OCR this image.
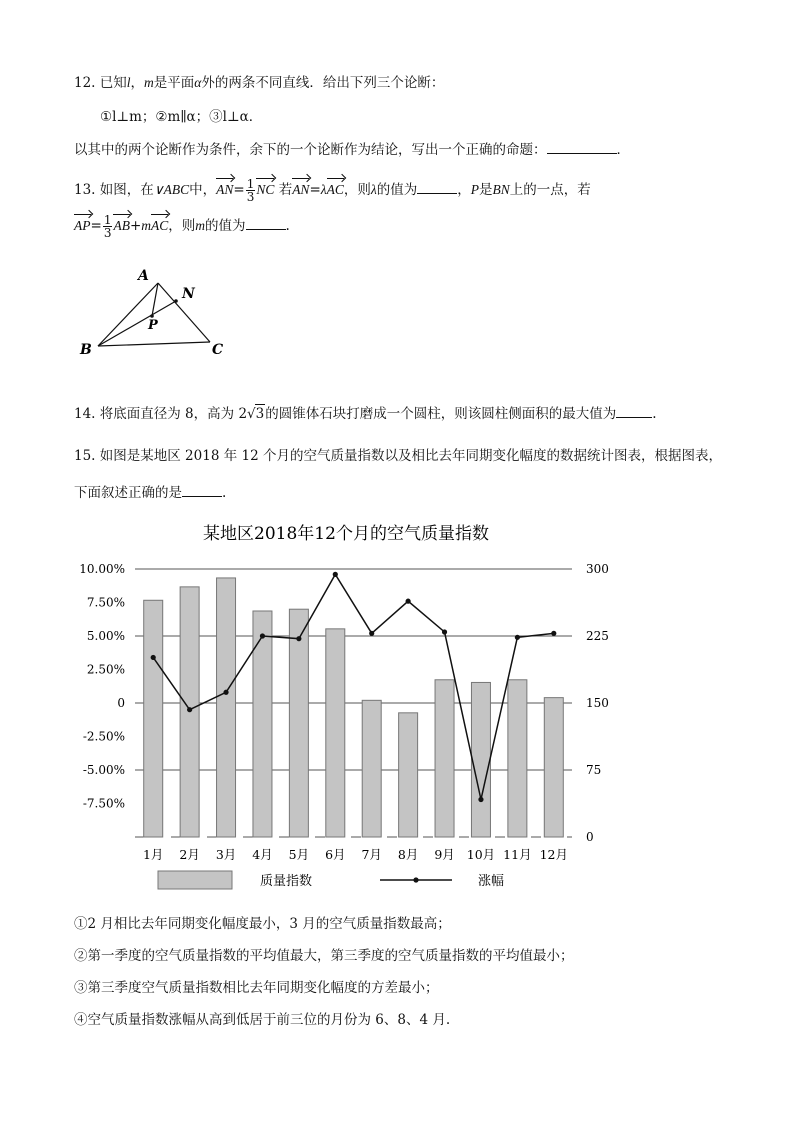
12. 已知l，m是平面α外的两条不同直线．给出下列三个论断：
①l⊥m；②m∥α；③l⊥α．
以其中的两个论断作为条件，余下的一个论断作为结论，写出一个正确的命题：	．
13. 如图，在∨ABC中，$AN= \frac{1}{3}$ NC 若AN=λAC，则λ的值为	，P是BN上的一点，若
$AP= \frac{1}{3} AB+mAC$，则m的值为	.
A
N
P
B	C
14. 将底面直径为 8，高为 2√3的圆锥体石块打磨成一个圆柱，则该圆柱侧面积的最大值为	.
15. 如图是某地区 2018 年 12 个月的空气质量指数以及相比去年同期变化幅度的数据统计图表，根据图表，
下面叙述正确的是	.
某地区2018年12个月的空气质量指数
300
225
150
75
0
10.00%
7.50%
5.00%
2.50%
0
-2.50%
-5.00%
-7.50%
1月 2月 3月 4月 5月 6月 7月 8月 9月 10月 11月 12月
质量指数	涨幅
①2 月相比去年同期变化幅度最小，3 月的空气质量指数最高；
②第一季度的空气质量指数的平均值最大，第三季度的空气质量指数的平均值最小；
③第三季度空气质量指数相比去年同期变化幅度的方差最小；
④空气质量指数涨幅从高到低居于前三位的月份为 6、8、4 月.
